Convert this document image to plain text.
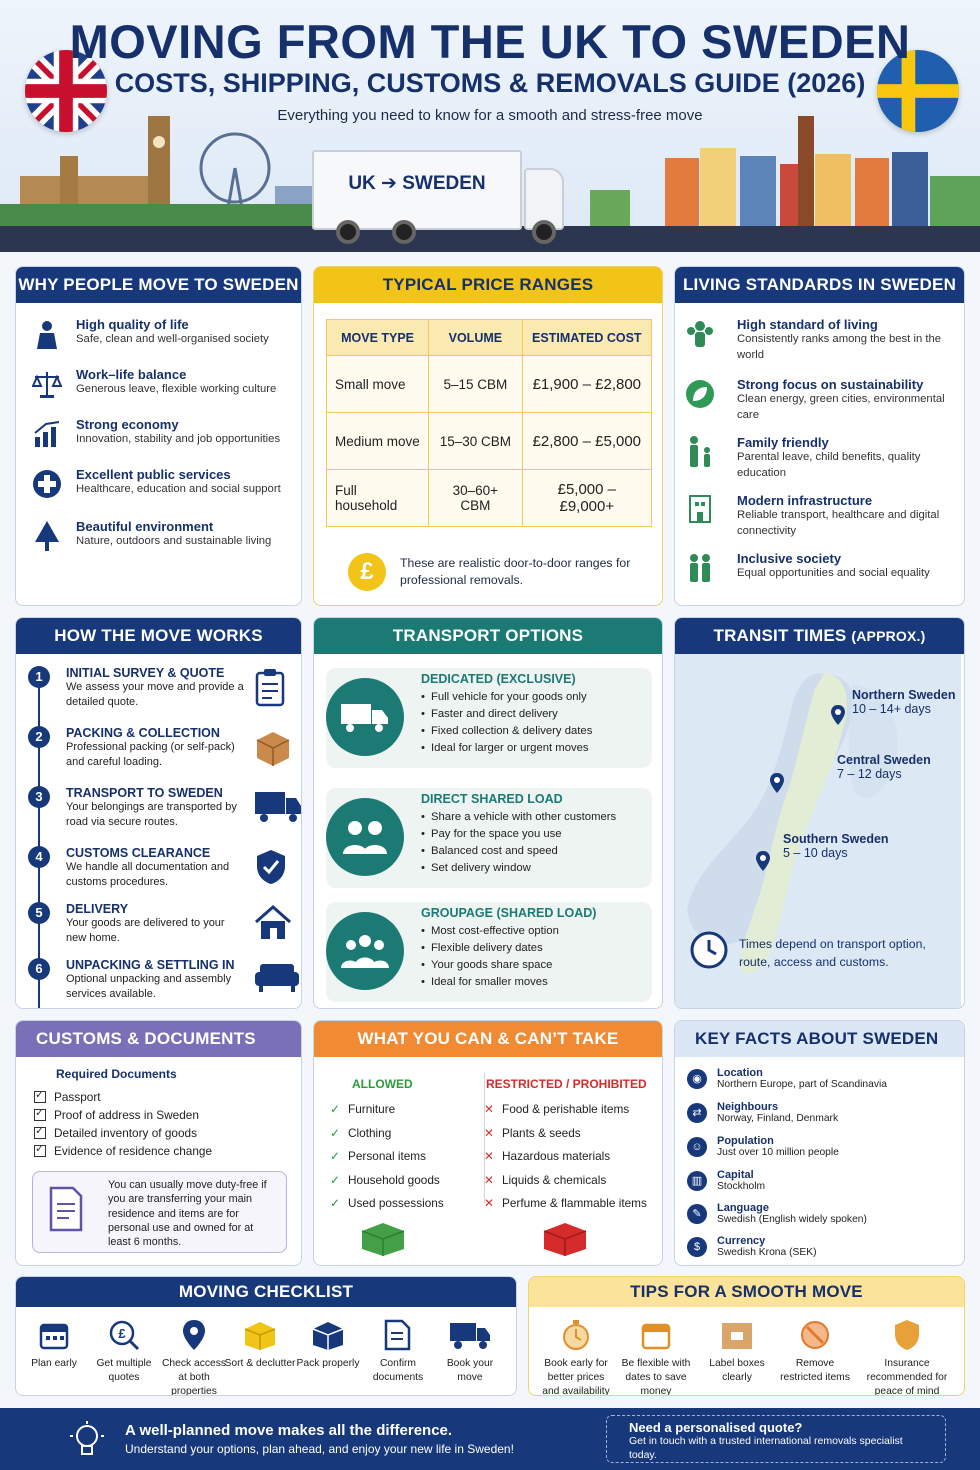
MOVING FROM THE UK TO SWEDEN
COSTS, SHIPPING, CUSTOMS & REMOVALS GUIDE (2026)
Everything you need to know for a smooth and stress-free move
UK ➔ SWEDEN
WHY PEOPLE MOVE TO SWEDEN
High quality of life
Safe, clean and well-organised society
Work–life balance
Generous leave, flexible working culture
Strong economy
Innovation, stability and job opportunities
Excellent public services
Healthcare, education and social support
Beautiful environment
Nature, outdoors and sustainable living
TYPICAL PRICE RANGES
MOVE TYPE	VOLUME	ESTIMATED COST
Small move	5–15 CBM	£1,900 – £2,800
Medium move	15–30 CBM	£2,800 – £5,000
Full household	30–60+ CBM	£5,000 – £9,000+
£	These are realistic door-to-door ranges for professional removals.
LIVING STANDARDS IN SWEDEN
High standard of living
Consistently ranks among the best in the world
Strong focus on sustainability
Clean energy, green cities, environmental care
Family friendly
Parental leave, child benefits, quality education
Modern infrastructure
Reliable transport, healthcare and digital connectivity
Inclusive society
Equal opportunities and social equality
HOW THE MOVE WORKS
1	INITIAL SURVEY & QUOTE
We assess your move and provide a detailed quote.
2	PACKING & COLLECTION
Professional packing (or self-pack) and careful loading.
3	TRANSPORT TO SWEDEN
Your belongings are transported by road via secure routes.
4	CUSTOMS CLEARANCE
We handle all documentation and customs procedures.
5	DELIVERY
Your goods are delivered to your new home.
6	UNPACKING & SETTLING IN
Optional unpacking and assembly services available.
TRANSPORT OPTIONS
DEDICATED (EXCLUSIVE)
• Full vehicle for your goods only
• Faster and direct delivery
• Fixed collection & delivery dates
• Ideal for larger or urgent moves
DIRECT SHARED LOAD
• Share a vehicle with other customers
• Pay for the space you use
• Balanced cost and speed
• Set delivery window
GROUPAGE (SHARED LOAD)
• Most cost-effective option
• Flexible delivery dates
• Your goods share space
• Ideal for smaller moves
TRANSIT TIMES (APPROX.)
Northern Sweden
10 – 14+ days
Central Sweden
7 – 12 days
Southern Sweden
5 – 10 days
Times depend on transport option, route, access and customs.
CUSTOMS & DOCUMENTS
Required Documents
✓Passport
✓Proof of address in Sweden
✓Detailed inventory of goods
✓Evidence of residence change
You can usually move duty-free if you are transferring your main residence and items are for personal use and owned for at least 6 months.
WHAT YOU CAN & CAN’T TAKE
ALLOWED	RESTRICTED / PROHIBITED
✓ Furniture
✓ Clothing
✓ Personal items
✓ Household goods
✓ Used possessions
✕ Food & perishable items
✕ Plants & seeds
✕ Hazardous materials
✕ Liquids & chemicals
✕ Perfume & flammable items
KEY FACTS ABOUT SWEDEN
◉	Location
Northern Europe, part of Scandinavia
⇄	Neighbours
Norway, Finland, Denmark
☺	Population
Just over 10 million people
▥	Capital
Stockholm
✎	Language
Swedish (English widely spoken)
$	Currency
Swedish Krona (SEK)
MOVING CHECKLIST
Plan early
£
Get multiple quotes
Check access at both properties
Sort & declutter Pack properly	Confirm documents
Book your move
TIPS FOR A SMOOTH MOVE
Book early for better prices and availability
Be flexible with dates to save money
Label boxes clearly
Remove restricted items
Insurance recommended for peace of mind
A well-planned move makes all the difference.
Understand your options, plan ahead, and enjoy your new life in Sweden!
Need a personalised quote?
Get in touch with a trusted international removals specialist today.
